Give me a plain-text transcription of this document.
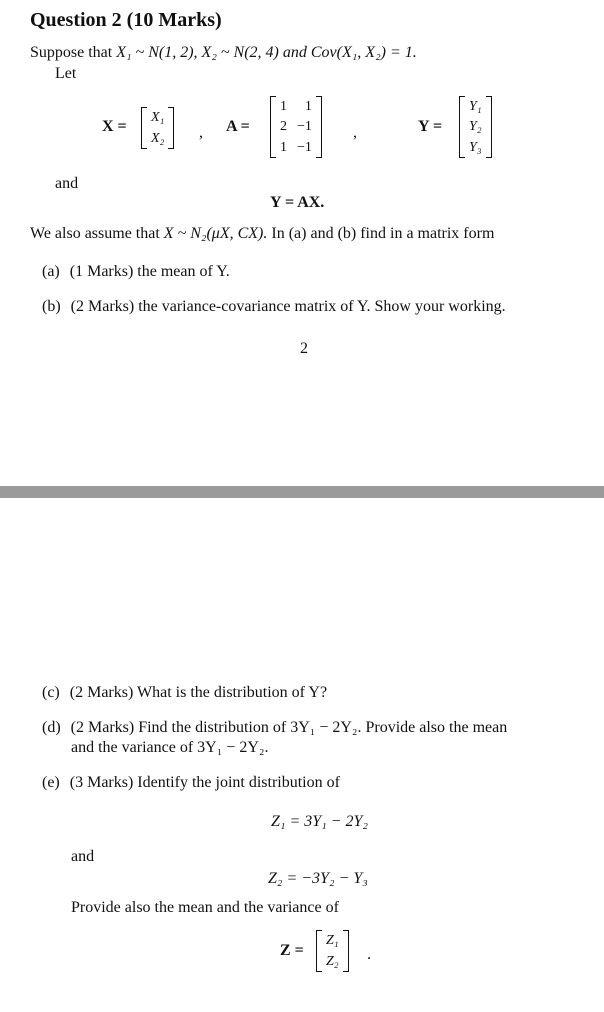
Question 2 (10 Marks)
Suppose that X₁ ~ N(1, 2), X₂ ~ N(2, 4) and Cov(X₁, X₂) = 1.
Let
X =
X₁
X₂ , A =
1	1
2 −1
1 −1
,	Y =
Y₁
Y₂
Y₃
and
Y = AX.
We also assume that X ~ N₂(μX, CX). In (a) and (b) find in a matrix form
(a) (1 Marks) the mean of Y.
(b) (2 Marks) the variance-covariance matrix of Y. Show your working.
2
(c) (2 Marks) What is the distribution of Y?
(d) (2 Marks) Find the distribution of 3Y₁ − 2Y₂. Provide also the mean
and the variance of 3Y₁ − 2Y₂.
(e) (3 Marks) Identify the joint distribution of
Z₁ = 3Y₁ − 2Y₂
and
Z₂ = −3Y₂ − Y₃
Provide also the mean and the variance of
Z =
Z₁
Z₂ .
